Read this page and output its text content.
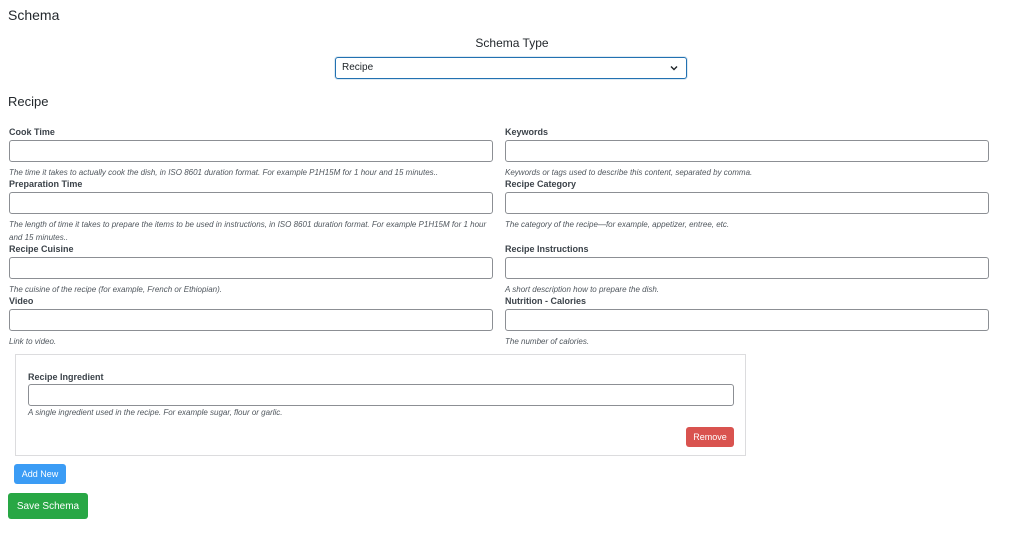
Schema
Schema Type
Recipe
Recipe
Cook Time
The time it takes to actually cook the dish, in ISO 8601 duration format. For example P1H15M for 1 hour and 15 minutes..
Preparation Time
The length of time it takes to prepare the items to be used in instructions, in ISO 8601 duration format. For example P1H15M for 1 hour and 15 minutes..
Recipe Cuisine
The cuisine of the recipe (for example, French or Ethiopian).
Video
Link to video.
Keywords
Keywords or tags used to describe this content, separated by comma.
Recipe Category
The category of the recipe—for example, appetizer, entree, etc.
Recipe Instructions
A short description how to prepare the dish.
Nutrition - Calories
The number of calories.
Recipe Ingredient
A single ingredient used in the recipe. For example sugar, flour or garlic.
Remove
Add New
Save Schema
